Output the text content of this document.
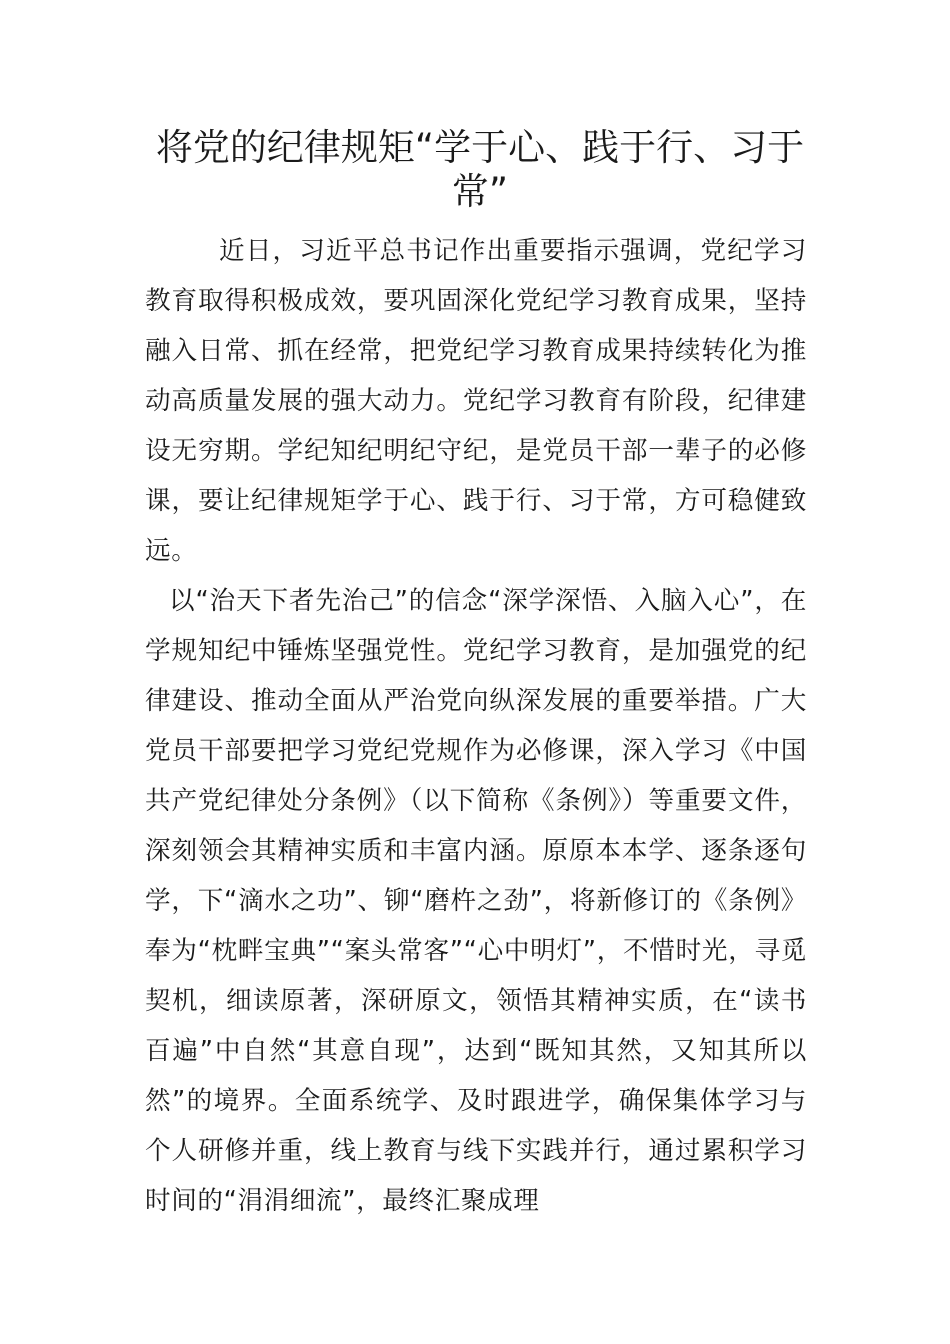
将党的纪律规矩“学于心、践于行、习于常”

近日，习近平总书记作出重要指示强调，党纪学习教育取得积极成效，要巩固深化党纪学习教育成果，坚持融入日常、抓在经常，把党纪学习教育成果持续转化为推动高质量发展的强大动力。党纪学习教育有阶段，纪律建设无穷期。学纪知纪明纪守纪，是党员干部一辈子的必修课，要让纪律规矩学于心、践于行、习于常，方可稳健致远。

以“治天下者先治己”的信念“深学深悟、入脑入心”，在学规知纪中锤炼坚强党性。党纪学习教育，是加强党的纪律建设、推动全面从严治党向纵深发展的重要举措。广大党员干部要把学习党纪党规作为必修课，深入学习《中国共产党纪律处分条例》（以下简称《条例》）等重要文件，深刻领会其精神实质和丰富内涵。原原本本学、逐条逐句学，下“滴水之功”、铆“磨杵之劲”，将新修订的《条例》奉为“枕畔宝典”“案头常客”“心中明灯”，不惜时光，寻觅契机，细读原著，深研原文，领悟其精神实质，在“读书百遍”中自然“其意自现”，达到“既知其然，又知其所以然”的境界。全面系统学、及时跟进学，确保集体学习与个人研修并重，线上教育与线下实践并行，通过累积学习时间的“涓涓细流”，最终汇聚成理
